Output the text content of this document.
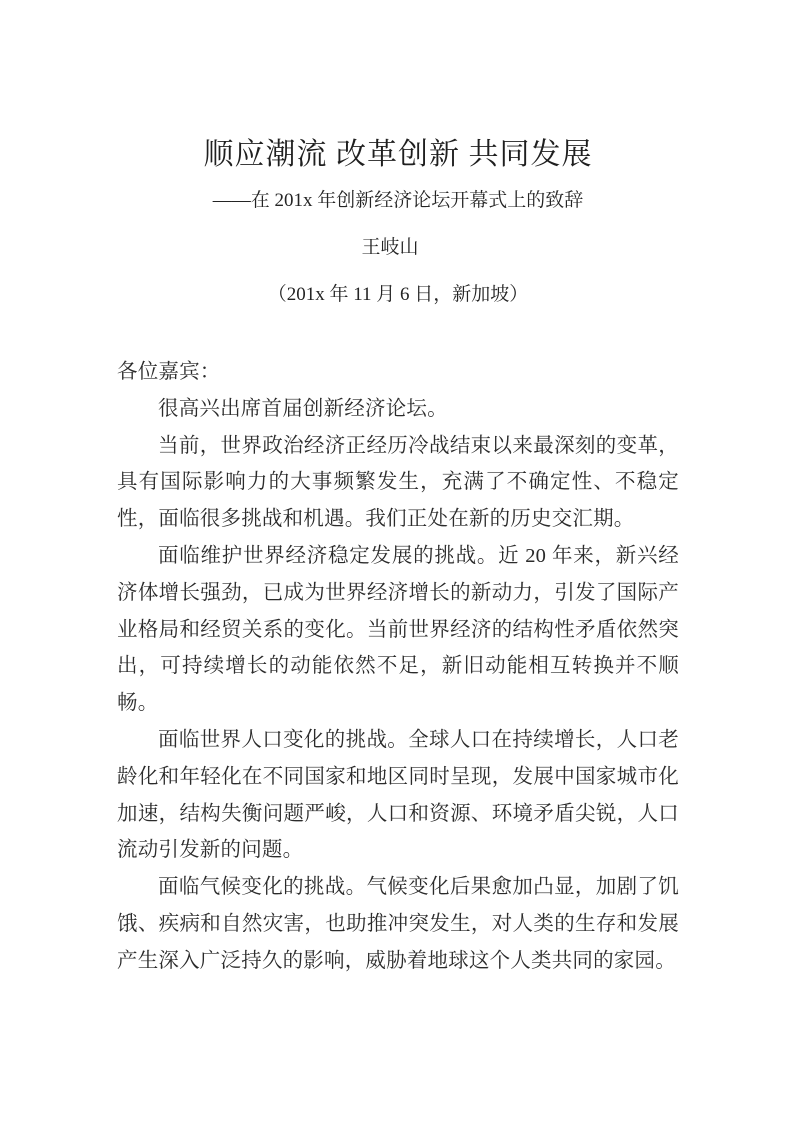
顺应潮流 改革创新 共同发展

——在 201x 年创新经济论坛开幕式上的致辞

王岐山

（201x 年 11 月 6 日，新加坡）

各位嘉宾：

很高兴出席首届创新经济论坛。

当前，世界政治经济正经历冷战结束以来最深刻的变革，具有国际影响力的大事频繁发生，充满了不确定性、不稳定性，面临很多挑战和机遇。我们正处在新的历史交汇期。

面临维护世界经济稳定发展的挑战。近 20 年来，新兴经济体增长强劲，已成为世界经济增长的新动力，引发了国际产业格局和经贸关系的变化。当前世界经济的结构性矛盾依然突出，可持续增长的动能依然不足，新旧动能相互转换并不顺畅。

面临世界人口变化的挑战。全球人口在持续增长，人口老龄化和年轻化在不同国家和地区同时呈现，发展中国家城市化加速，结构失衡问题严峻，人口和资源、环境矛盾尖锐，人口流动引发新的问题。

面临气候变化的挑战。气候变化后果愈加凸显，加剧了饥饿、疾病和自然灾害，也助推冲突发生，对人类的生存和发展产生深入广泛持久的影响，威胁着地球这个人类共同的家园。
